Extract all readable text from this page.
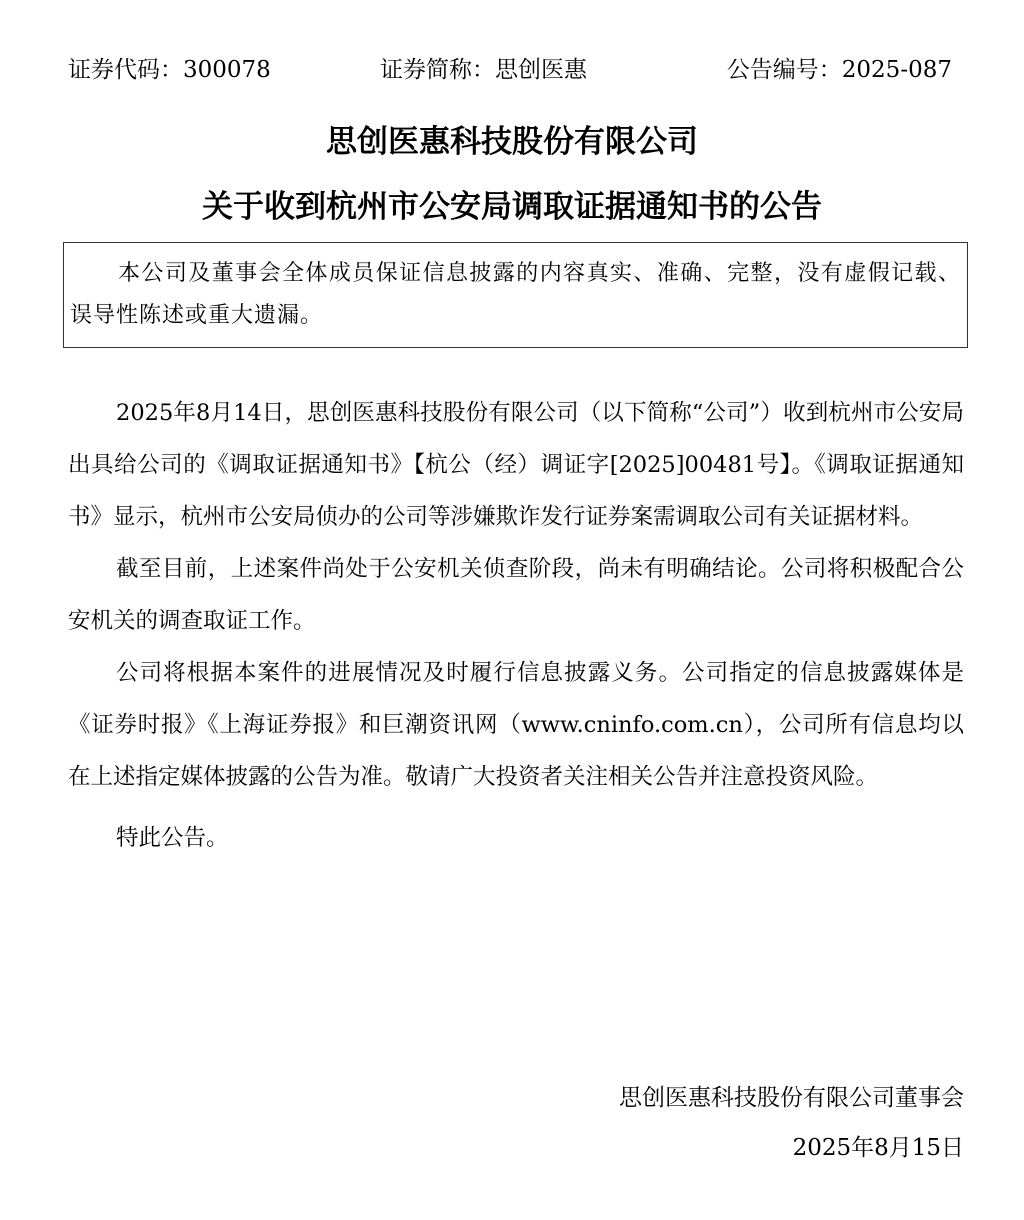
证券代码：300078	证券简称：思创医惠	公告编号：2025-087
思创医惠科技股份有限公司
关于收到杭州市公安局调取证据通知书的公告
本公司及董事会全体成员保证信息披露的内容真实、准确、完整，没有虚假记载、误导性陈述或重大遗漏。

2025年8月14日，思创医惠科技股份有限公司（以下简称“公司”）收到杭州市公安局出具给公司的《调取证据通知书》【杭公（经）调证字[2025]00481号】。《调取证据通知书》显示，杭州市公安局侦办的公司等涉嫌欺诈发行证券案需调取公司有关证据材料。

截至目前，上述案件尚处于公安机关侦查阶段，尚未有明确结论。公司将积极配合公安机关的调查取证工作。

公司将根据本案件的进展情况及时履行信息披露义务。公司指定的信息披露媒体是《证券时报》《上海证券报》和巨潮资讯网（www.cninfo.com.cn），公司所有信息均以在上述指定媒体披露的公告为准。敬请广大投资者关注相关公告并注意投资风险。

特此公告。

思创医惠科技股份有限公司董事会
2025年8月15日
